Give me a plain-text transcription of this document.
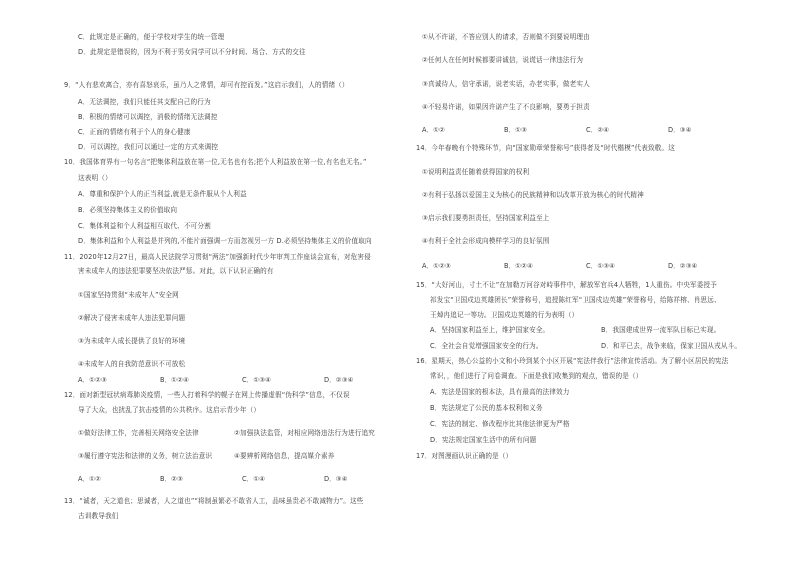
C．此规定是正确的，便于学校对学生的统一管理
D．此规定是错误的，因为不利于男女同学可以不分时间、场合、方式的交往
9．“人有悲欢离合，亦有喜怒哀乐，虽乃人之常情，却可有控而发。”这启示我们，人的情绪（）
A．无法调控，我们只能任其支配自己的行为
B．积极的情绪可以调控，消极的情绪无法调控
C．正面的情绪有利于个人的身心健康
D．可以调控，我们可以通过一定的方式来调控
10．我国体育界有一句名言“把集体利益放在第一位,无名也有名;把个人利益放在第一位,有名也无名。”
这表明（）
A．尊重和保护个人的正当利益,就是无条件服从个人利益
B．必须坚持集体主义的价值取向
C．集体利益和个人利益相互取代、不可分割
D．集体利益和个人利益是并列的,不能片面强调一方而忽视另一方 D.必须坚持集体主义的价值取向
11．2020年12月27日，最高人民法院学习贯彻“两法”加强新时代少年审判工作座谈会宣布，对危害侵
害未成年人的违法犯罪要坚决依法严惩。对此，以下认识正确的有
①国家坚持贯彻“未成年人”安全网
②解决了侵害未成年人违法犯罪问题
③为未成年人成长提供了良好的环境
④未成年人的自我防范意识不可放松
A．①②③	B．①②④	C．①③④	D．②③④
12．面对新型冠状病毒肺炎疫情，一些人打着科学的幌子在网上传播虚假“伪科学”信息，不仅误
导了大众，也扰乱了抗击疫情的公共秩序。这启示青少年（）
①做好法律工作，完善相关网络安全法律	②加强执法监管，对相应网络违法行为进行追究
③履行遵守宪法和法律的义务，树立法治意识	④要辨析网络信息，提高媒介素养
A．①②	B．②③	C．①④	D．③④
13．“诚者，天之道也；思诚者，人之道也”“将制虽繁必不敢省人工，品味虽贵必不敢减物力”。这些
古训教导我们
①从不许诺，不答应别人的请求，否则做不到要说明理由
②任何人在任何时候都要讲诚信，说谎话一律违法行为
③真诚待人，信守承诺，说老实话，办老实事，做老实人
④不轻易许诺，如果因许诺产生了不良影响，要勇于担责
A．①②	B．①③	C．②④	D．③④
14．今年春晚有个特殊环节，向“国家勋章荣誉称号”获得者及“时代楷模”代表致敬。这
①说明利益责任随着获得国家的权利
②有利于弘扬以爱国主义为核心的民族精神和以改革开放为核心的时代精神
③启示我们要勇担责任，坚持国家利益至上
④有利于全社会形成向模样学习的良好氛围
A．①②③	B．①②④	C．①③④	D．②③④
15．“大好河山，寸土不让”在加勒万河谷对峙事件中，解放军官兵4人牺牲，1人重伤。中央军委授予
祁发宝“卫国戍边英雄团长”荣誉称号，追授陈红军“卫国戍边英雄”荣誉称号，给陈祥榕、肖思远、
王焯冉追记一等功。卫国戍边英雄的行为表明（）
A．坚持国家利益至上，维护国家安全。	B．我国建成世界一流军队目标已实现。
C．全社会自觉增强国家安全的行为。	D．和平已去，战争来临，保家卫国从戎从斗。
16．星期天，热心公益的小文和小玲到某个小区开展“宪法伴我行”法律宣传活动。为了解小区居民的宪法
常识，，他们进行了问卷调查。下面是我们收集到的观点，错误的是（）
A．宪法是国家的根本法，具有最高的法律效力
B．宪法规定了公民的基本权利和义务
C．宪法的制定、修改程序比其他法律更为严格
D．宪法规定国家生活中的所有问题
17．对图漫画认识正确的是（）
